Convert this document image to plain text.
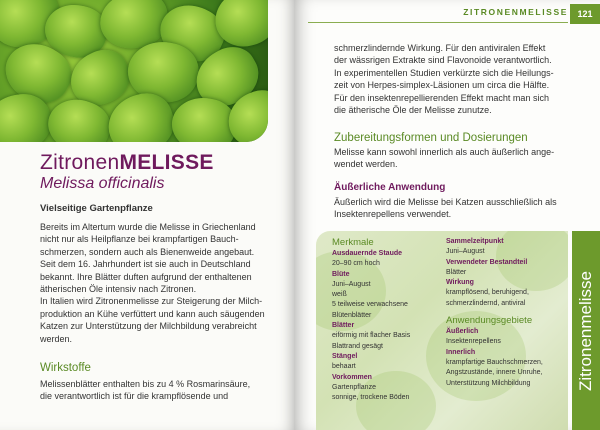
ZitronenMELISSE
Melissa officinalis
Vielseitige Gartenpflanze
Bereits im Altertum wurde die Melisse in Griechenland
nicht nur als Heilpflanze bei krampfartigen Bauch-
schmerzen, sondern auch als Bienenweide angebaut.
Seit dem 16. Jahrhundert ist sie auch in Deutschland
bekannt. Ihre Blätter duften aufgrund der enthaltenen
ätherischen Öle intensiv nach Zitronen.
In Italien wird Zitronenmelisse zur Steigerung der Milch-
produktion an Kühe verfüttert und kann auch säugenden
Katzen zur Unterstützung der Milchbildung verabreicht
werden.
Wirkstoffe
Melissenblätter enthalten bis zu 4 % Rosmarinsäure,
die verantwortlich ist für die krampflösende und
ZITRONENMELISSE	121
schmerzlindernde Wirkung. Für den antiviralen Effekt
der wässrigen Extrakte sind Flavonoide verantwortlich.
In experimentellen Studien verkürzte sich die Heilungs-
zeit von Herpes-simplex-Läsionen um circa die Hälfte.
Für den insektenrepellierenden Effekt macht man sich
die ätherische Öle der Melisse zunutze.
Zubereitungsformen und Dosierungen
Melisse kann sowohl innerlich als auch äußerlich ange-
wendet werden.
Äußerliche Anwendung
Äußerlich wird die Melisse bei Katzen ausschließlich als
Insektenrepellens verwendet.
Merkmale
Ausdauernde Staude
20–90 cm hoch
Blüte
Juni–August
weiß
5 teilweise verwachsene
Blütenblätter
Blätter
eiförmig mit flacher Basis
Blattrand gesägt
Stängel
behaart
Vorkommen
Gartenpflanze
sonnige, trockene Böden
Sammelzeitpunkt
Juni–August
Verwendeter Bestandteil
Blätter
Wirkung
krampflösend, beruhigend,
schmerzlindernd, antiviral
Anwendungsgebiete
Äußerlich
Insektenrepellens
Innerlich
krampfartige Bauchschmerzen,
Angstzustände, innere Unruhe,
Unterstützung Milchbildung	Zitronenmelisse
